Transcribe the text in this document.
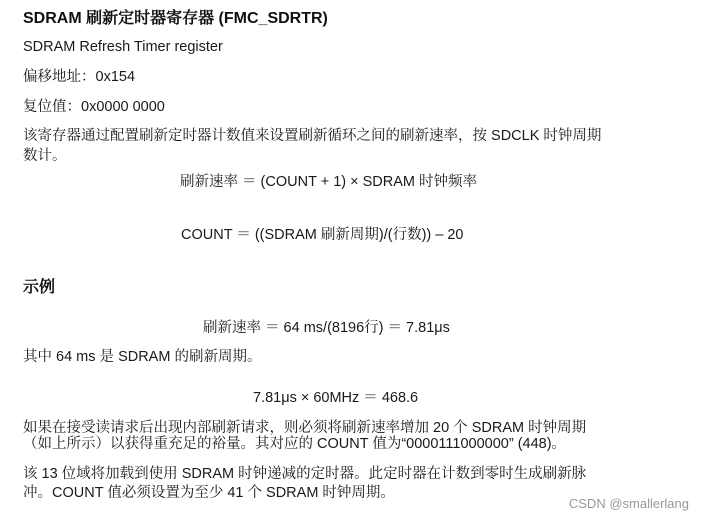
SDRAM 刷新定时器寄存器 (FMC_SDRTR)
SDRAM Refresh Timer register
偏移地址：0x154
复位值：0x0000 0000
该寄存器通过配置刷新定时器计数值来设置刷新循环之间的刷新速率，按 SDCLK 时钟周期
数计。
刷新速率 ＝ (COUNT + 1) × SDRAM 时钟频率
COUNT ＝ ((SDRAM 刷新周期)/(行数)) – 20
示例
刷新速率 ＝ 64 ms/(8196行) ＝ 7.81μs
其中 64 ms 是 SDRAM 的刷新周期。
7.81μs × 60MHz ＝ 468.6
如果在接受读请求后出现内部刷新请求，则必须将刷新速率增加 20 个 SDRAM 时钟周期
（如上所示）以获得重充足的裕量。其对应的 COUNT 值为“0000111000000” (448)。
该 13 位域将加载到使用 SDRAM 时钟递减的定时器。此定时器在计数到零时生成刷新脉
冲。COUNT 值必须设置为至少 41 个 SDRAM 时钟周期。
CSDN @smallerlang
